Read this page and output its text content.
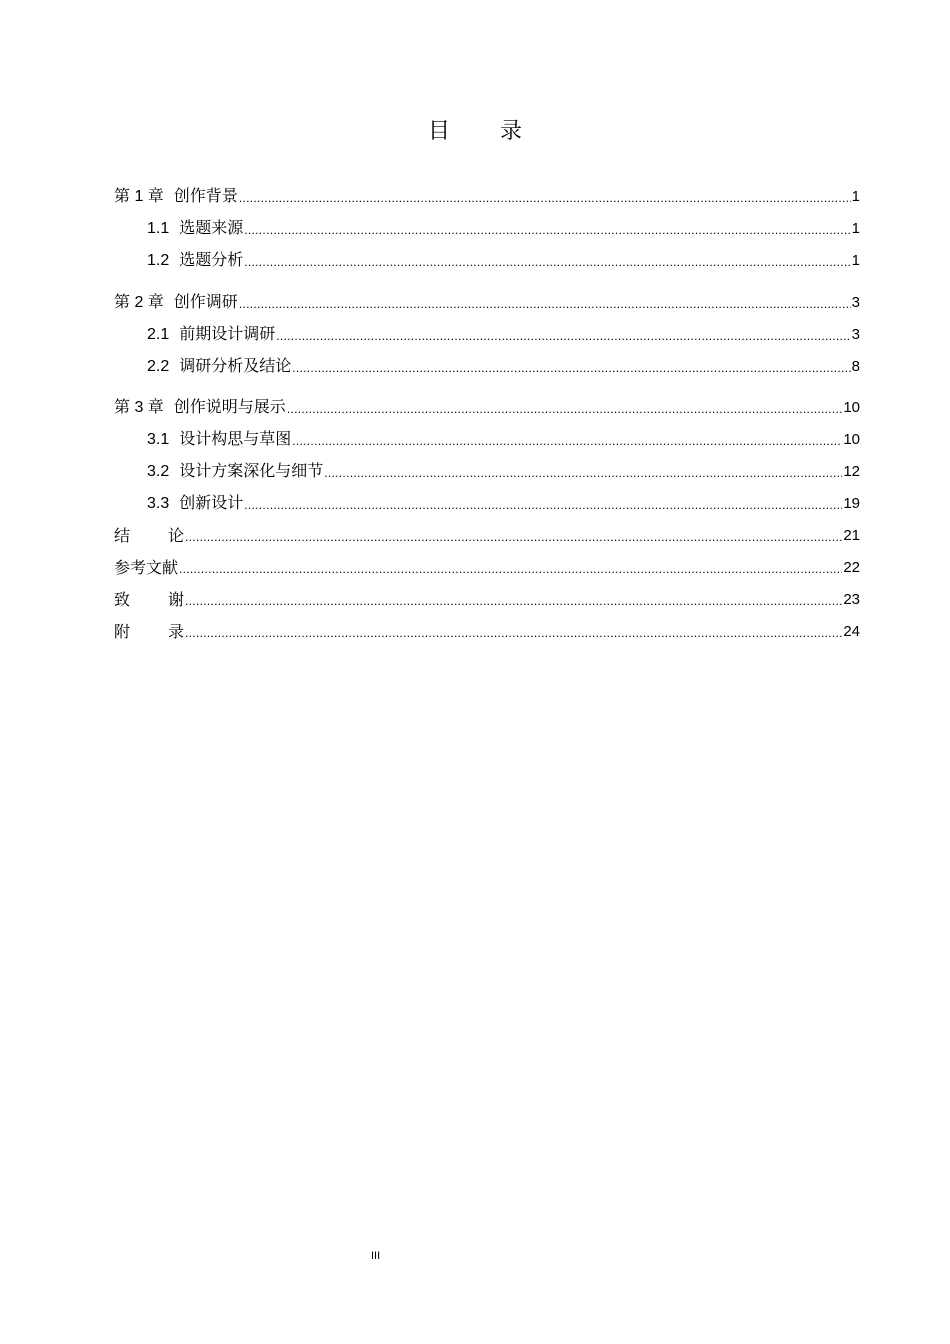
目 录
第 1 章 创作背景 .....	1
1.1 选题来源 .....	1
1.2 选题分析 .....	1
第 2 章 创作调研 .....	3
2.1 前期设计调研 .....	3
2.2 调研分析及结论 .....	8
第 3 章 创作说明与展示 .....	10
3.1 设计构思与草图 .....	10
3.2 设计方案深化与细节 .....	12
3.3 创新设计 .....	19
结 论 .....	21
参考文献 .....	22
致 谢 .....	23
附 录 .....	24
III
